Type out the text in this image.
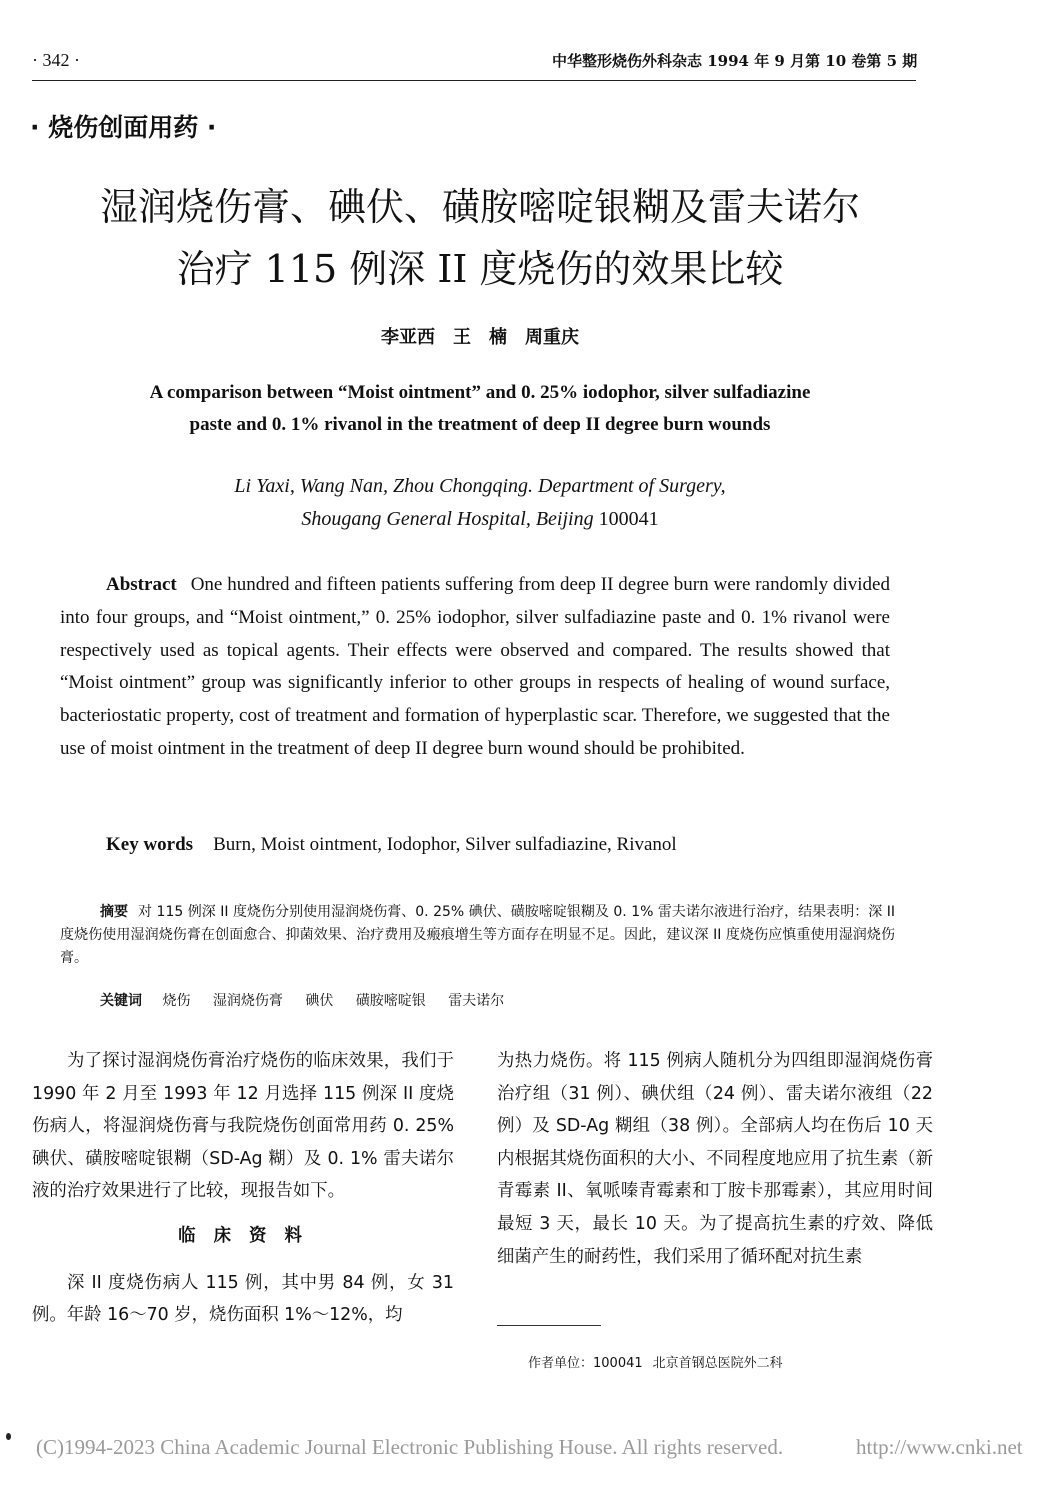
· 342 ·	中华整形烧伤外科杂志 1994 年 9 月第 10 卷第 5 期
· 烧伤创面用药 ·
湿润烧伤膏、碘伏、磺胺嘧啶银糊及雷夫诺尔
治疗 115 例深 II 度烧伤的效果比较
李亚西　王　楠　周重庆
A comparison between “Moist ointment” and 0. 25% iodophor, silver sulfadiazine
paste and 0. 1% rivanol in the treatment of deep II degree burn wounds
Li Yaxi, Wang Nan, Zhou Chongqing. Department of Surgery,
Shougang General Hospital, Beijing 100041
Abstract One hundred and fifteen patients suffering from deep II degree burn were randomly divided into four groups, and “Moist ointment,” 0. 25% iodophor, silver sulfadiazine paste and 0. 1% rivanol were respectively used as topical agents. Their effects were observed and compared. The results showed that “Moist ointment” group was significantly inferior to other groups in respects of healing of wound surface, bacteriostatic property, cost of treatment and formation of hyperplastic scar. Therefore, we suggested that the use of moist ointment in the treatment of deep II degree burn wound should be prohibited.
Key words Burn, Moist ointment, Iodophor, Silver sulfadiazine, Rivanol
摘要 对 115 例深 II 度烧伤分别使用湿润烧伤膏、0. 25% 碘伏、磺胺嘧啶银糊及 0. 1% 雷夫诺尔液进行治疗，结果表明：深 II 度烧伤使用湿润烧伤膏在创面愈合、抑菌效果、治疗费用及瘢痕增生等方面存在明显不足。因此，建议深 II 度烧伤应慎重使用湿润烧伤膏。
关键词 烧伤 湿润烧伤膏 碘伏 磺胺嘧啶银 雷夫诺尔
为了探讨湿润烧伤膏治疗烧伤的临床效果，我们于 1990 年 2 月至 1993 年 12 月选择 115 例深 II 度烧伤病人，将湿润烧伤膏与我院烧伤创面常用药 0. 25% 碘伏、磺胺嘧啶银糊（SD-Ag 糊）及 0. 1% 雷夫诺尔液的治疗效果进行了比较，现报告如下。
临 床 资 料
深 II 度烧伤病人 115 例，其中男 84 例，女 31 例。年龄 16～70 岁，烧伤面积 1%～12%，均
为热力烧伤。将 115 例病人随机分为四组即湿润烧伤膏治疗组（31 例）、碘伏组（24 例）、雷夫诺尔液组（22 例）及 SD-Ag 糊组（38 例）。全部病人均在伤后 10 天内根据其烧伤面积的大小、不同程度地应用了抗生素（新青霉素 II、氧哌嗪青霉素和丁胺卡那霉素），其应用时间最短 3 天，最长 10 天。为了提高抗生素的疗效、降低细菌产生的耐药性，我们采用了循环配对抗生素
作者单位：100041 北京首钢总医院外二科
(C)1994-2023 China Academic Journal Electronic Publishing House. All rights reserved.	http://www.cnki.net
